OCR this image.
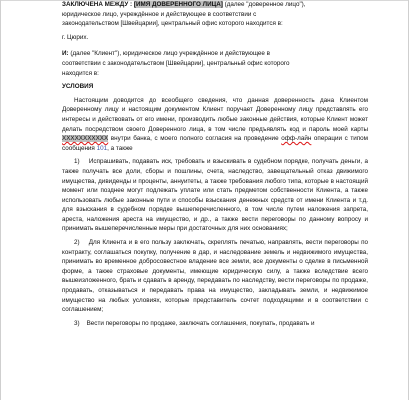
ЗАКЛЮЧЕНА МЕЖДУ : [ИМЯ ДОВЕРЕННОГО ЛИЦА] (далее "доверенное лицо"),

юридическое лицо, учреждённое и действующее в соответствии с

законодательством [Швейцарии], центральный офис которого находится в:

г. Цюрих.

И: (далее "Клиент"), юридическое лицо учреждённое и действующее в

соответствии с законодательством [Швейцарии], центральный офис которого

находится в:

УСЛОВИЯ

Настоящим доводится до всеобщего сведения, что данная доверенность дана Клиентом Доверенному лицу и настоящим документом Клиент поручает Доверенному лицу представлять его интересы и действовать от его имени, производить любые законные действия, которые Клиент может делать посредством своего Доверенного лица, в том числе предъявлять код и пароль моей карты ХХХХХХХХХХХ внутри банка, с моего полного согласия на проведение офф-лайн операции с типом сообщения 101, а также

1) Испрашивать, подавать иск, требовать и взыскивать в судебном порядке, получать деньги, а также получать все доли, сборы и пошлины, счета, наследство, завещательный отказ движимого имущества, дивиденды и проценты, аннуитеты, а также требования любого типа, которые в настоящий момент или позднее могут подлежать уплате или стать предметом собственности Клиента, а также использовать любые законные пути и способы взыскания денежных средств от имени Клиента и т.д. для взыскания в судебном порядке вышеперечисленного, в том числе путем наложения запрета, ареста, наложения ареста на имущество, и др., а также вести переговоры по данному вопросу и принимать вышеперечисленные меры при достаточных для них основаниях;

2) Для Клиента и в его пользу заключать, скреплять печатью, направлять, вести переговоры по контракту, соглашаться покупку, получение в дар, и наследование земель и недвижимого имущества, принимать во временное добросовестное владение все земли, все документы о сделке в письменной форме, а также страховые документы, имеющие юридическую силу, а также вследствие всего вышеизложенного, брать и сдавать в аренду, передавать по наследству, вести переговоры по продаже, продавать, отказываться и передавать права на имущество, закладывать земли, и недвижимое имущество на любых условиях, которые представитель сочтет подходящими и в соответствии с соглашением;

3) Вести переговоры по продаже, заключать соглашения, покупать, продавать и
